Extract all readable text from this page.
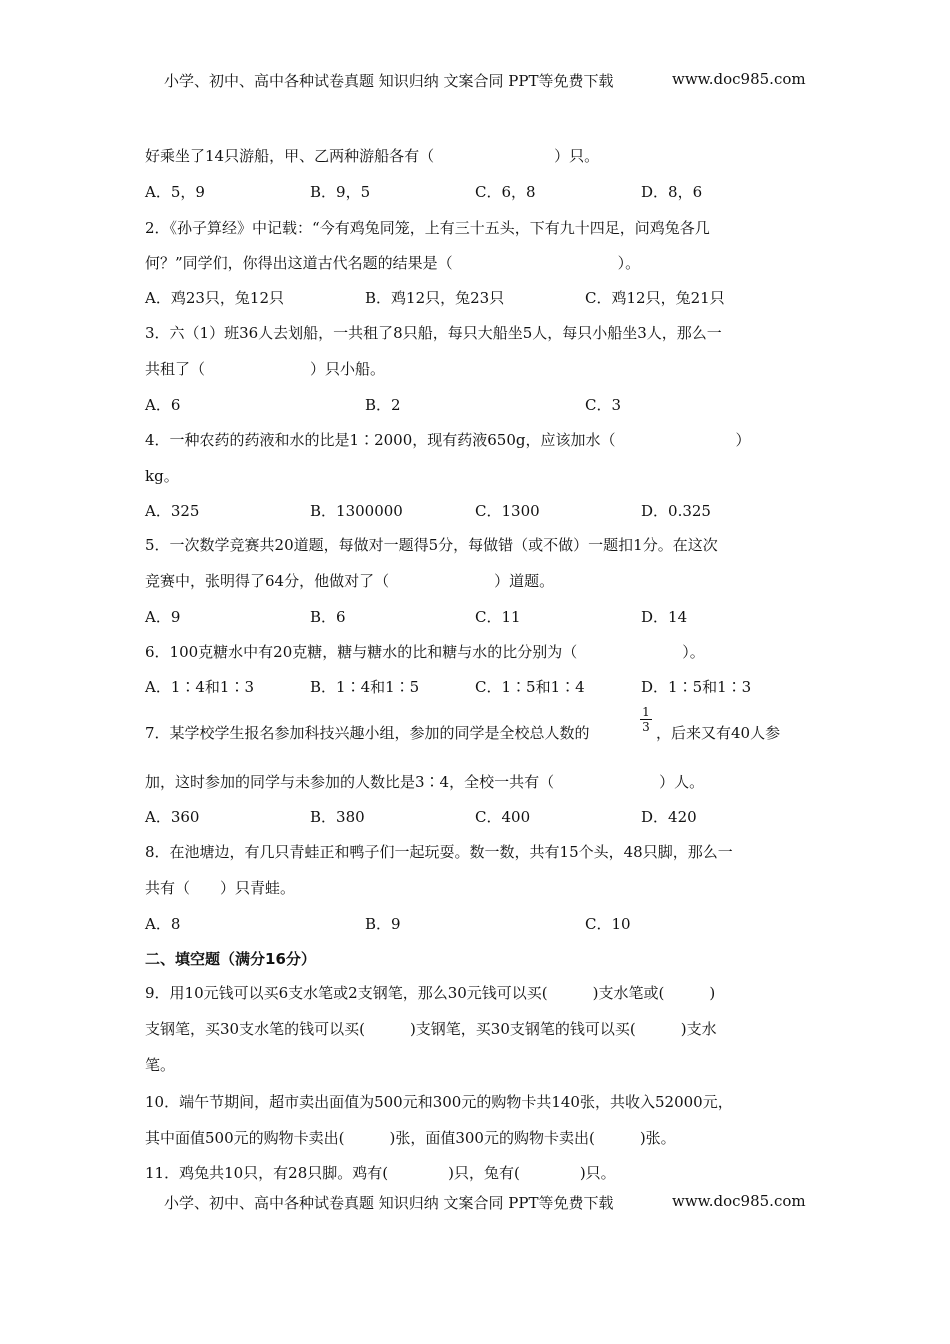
小学、初中、高中各种试卷真题 知识归纳 文案合同 PPT等免费下载	www.doc985.com
好乘坐了14只游船，甲、乙两种游船各有（　　　　　　　　）只。
A．5，9	B．9，5	C．6，8	D．8，6
2．《孙子算经》中记载：“今有鸡兔同笼，上有三十五头，下有九十四足，问鸡兔各几
何？”同学们，你得出这道古代名题的结果是（　　　　　　　　　　　）。
A．鸡23只，兔12只	B．鸡12只，兔23只	C．鸡12只，兔21只
3．六（1）班36人去划船，一共租了8只船，每只大船坐5人，每只小船坐3人，那么一
共租了（　　　　　　　）只小船。
A．6	B．2	C．3
4．一种农药的药液和水的比是1∶2000，现有药液650g，应该加水（　　　　　　　　）
kg。
A．325	B．1300000	C．1300	D．0.325
5．一次数学竞赛共20道题，每做对一题得5分，每做错（或不做）一题扣1分。在这次
竞赛中，张明得了64分，他做对了（　　　　　　　）道题。
A．9	B．6	C．11	D．14
6．100克糖水中有20克糖，糖与糖水的比和糖与水的比分别为（　　　　　　　）。
A．1∶4和1∶3	B．1∶4和1∶5	C．1∶5和1∶4	D．1∶5和1∶3
7．某学校学生报名参加科技兴趣小组，参加的同学是全校总人数的
1
3 ，后来又有40人参
加，这时参加的同学与未参加的人数比是3∶4，全校一共有（　　　　　　　）人。
A．360	B．380	C．400	D．420
8．在池塘边，有几只青蛙正和鸭子们一起玩耍。数一数，共有15个头，48只脚，那么一
共有（　　）只青蛙。
A．8	B．9	C．10
二、填空题（满分16分）
9．用10元钱可以买6支水笔或2支钢笔，那么30元钱可以买(　　　)支水笔或(　　　)
支钢笔，买30支水笔的钱可以买(　　　)支钢笔，买30支钢笔的钱可以买(　　　)支水
笔。
10．端午节期间，超市卖出面值为500元和300元的购物卡共140张，共收入52000元，
其中面值500元的购物卡卖出(　　　)张，面值300元的购物卡卖出(　　　)张。
11．鸡兔共10只，有28只脚。鸡有(　　　　)只，兔有(　　　　)只。
小学、初中、高中各种试卷真题 知识归纳 文案合同 PPT等免费下载	www.doc985.com
